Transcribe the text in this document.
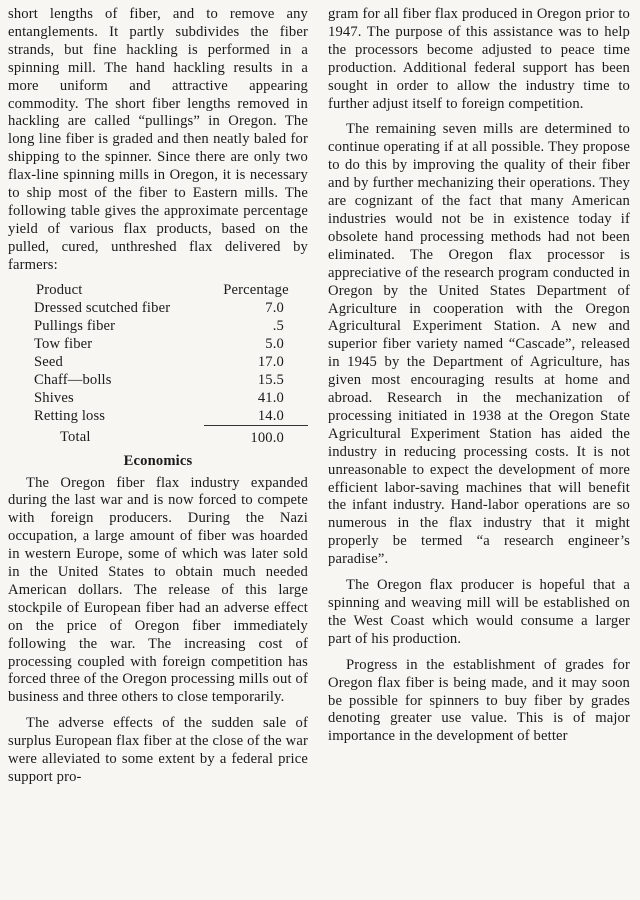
short lengths of fiber, and to remove any entanglements. It partly subdivides the fiber strands, but fine hackling is performed in a spinning mill. The hand hackling results in a more uniform and attractive appearing commodity. The short fiber lengths removed in hackling are called “pullings” in Oregon. The long line fiber is graded and then neatly baled for shipping to the spinner. Since there are only two flax-line spinning mills in Oregon, it is necessary to ship most of the fiber to Eastern mills. The following table gives the approximate percentage yield of various flax products, based on the pulled, cured, unthreshed flax delivered by farmers:

Product	Percentage
Dressed scutched fiber	7.0
Pullings fiber	.5
Tow fiber	5.0
Seed	17.0
Chaff—bolls	15.5
Shives	41.0
Retting loss	14.0
Total	100.0
Economics

The Oregon fiber flax industry expanded during the last war and is now forced to compete with foreign producers. During the Nazi occupation, a large amount of fiber was hoarded in western Europe, some of which was later sold in the United States to obtain much needed American dollars. The release of this large stockpile of European fiber had an adverse effect on the price of Oregon fiber immediately following the war. The increasing cost of processing coupled with foreign competition has forced three of the Oregon processing mills out of business and three others to close temporarily.

The adverse effects of the sudden sale of surplus European flax fiber at the close of the war were alleviated to some extent by a federal price support pro-

gram for all fiber flax produced in Oregon prior to 1947. The purpose of this assistance was to help the processors become adjusted to peace time production. Additional federal support has been sought in order to allow the industry time to further adjust itself to foreign competition.

The remaining seven mills are determined to continue operating if at all possible. They propose to do this by improving the quality of their fiber and by further mechanizing their operations. They are cognizant of the fact that many American industries would not be in existence today if obsolete hand processing methods had not been eliminated. The Oregon flax processor is appreciative of the research program conducted in Oregon by the United States Department of Agriculture in cooperation with the Oregon Agricultural Experiment Station. A new and superior fiber variety named “Cascade”, released in 1945 by the Department of Agriculture, has given most encouraging results at home and abroad. Research in the mechanization of processing initiated in 1938 at the Oregon State Agricultural Experiment Station has aided the industry in reducing processing costs. It is not unreasonable to expect the development of more efficient labor-saving machines that will benefit the infant industry. Hand-labor operations are so numerous in the flax industry that it might properly be termed “a research engineer’s paradise”.

The Oregon flax producer is hopeful that a spinning and weaving mill will be established on the West Coast which would consume a larger part of his production.

Progress in the establishment of grades for Oregon flax fiber is being made, and it may soon be possible for spinners to buy fiber by grades denoting greater use value. This is of major importance in the development of better
